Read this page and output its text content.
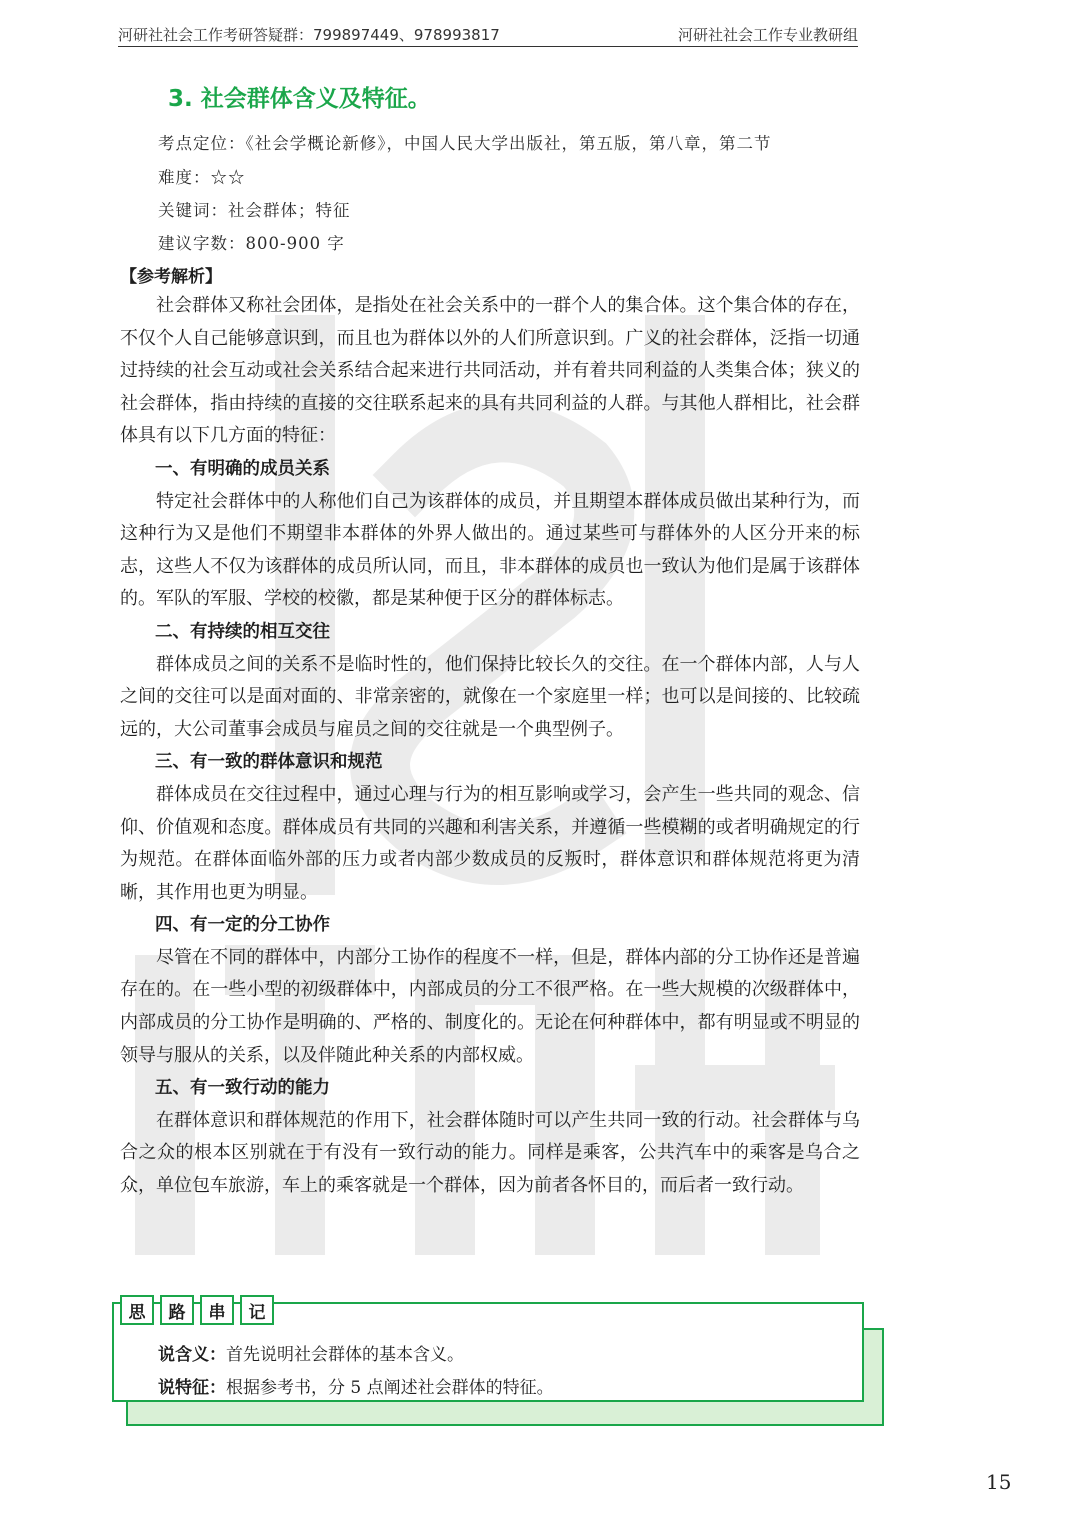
河研社社会工作考研答疑群：799897449、978993817	河研社社会工作专业教研组
3. 社会群体含义及特征。
考点定位：《社会学概论新修》，中国人民大学出版社，第五版，第八章，第二节
难度：☆☆
关键词：社会群体；特征
建议字数：800-900 字
【参考解析】

社会群体又称社会团体，是指处在社会关系中的一群个人的集合体。这个集合体的存在，不仅个人自己能够意识到，而且也为群体以外的人们所意识到。广义的社会群体，泛指一切通过持续的社会互动或社会关系结合起来进行共同活动，并有着共同利益的人类集合体；狭义的社会群体，指由持续的直接的交往联系起来的具有共同利益的人群。与其他人群相比，社会群体具有以下几方面的特征：

一、有明确的成员关系

特定社会群体中的人称他们自己为该群体的成员，并且期望本群体成员做出某种行为，而这种行为又是他们不期望非本群体的外界人做出的。通过某些可与群体外的人区分开来的标志，这些人不仅为该群体的成员所认同，而且，非本群体的成员也一致认为他们是属于该群体的。军队的军服、学校的校徽，都是某种便于区分的群体标志。

二、有持续的相互交往

群体成员之间的关系不是临时性的，他们保持比较长久的交往。在一个群体内部，人与人之间的交往可以是面对面的、非常亲密的，就像在一个家庭里一样；也可以是间接的、比较疏远的，大公司董事会成员与雇员之间的交往就是一个典型例子。

三、有一致的群体意识和规范

群体成员在交往过程中，通过心理与行为的相互影响或学习，会产生一些共同的观念、信仰、价值观和态度。群体成员有共同的兴趣和利害关系，并遵循一些模糊的或者明确规定的行为规范。在群体面临外部的压力或者内部少数成员的反叛时，群体意识和群体规范将更为清晰，其作用也更为明显。

四、有一定的分工协作

尽管在不同的群体中，内部分工协作的程度不一样，但是，群体内部的分工协作还是普遍存在的。在一些小型的初级群体中，内部成员的分工不很严格。在一些大规模的次级群体中，内部成员的分工协作是明确的、严格的、制度化的。无论在何种群体中，都有明显或不明显的领导与服从的关系，以及伴随此种关系的内部权威。

五、有一致行动的能力

在群体意识和群体规范的作用下，社会群体随时可以产生共同一致的行动。社会群体与乌合之众的根本区别就在于有没有一致行动的能力。同样是乘客，公共汽车中的乘客是乌合之众，单位包车旅游，车上的乘客就是一个群体，因为前者各怀目的，而后者一致行动。

思	路	串	记
说含义：首先说明社会群体的基本含义。
说特征：根据参考书，分 5 点阐述社会群体的特征。
15
